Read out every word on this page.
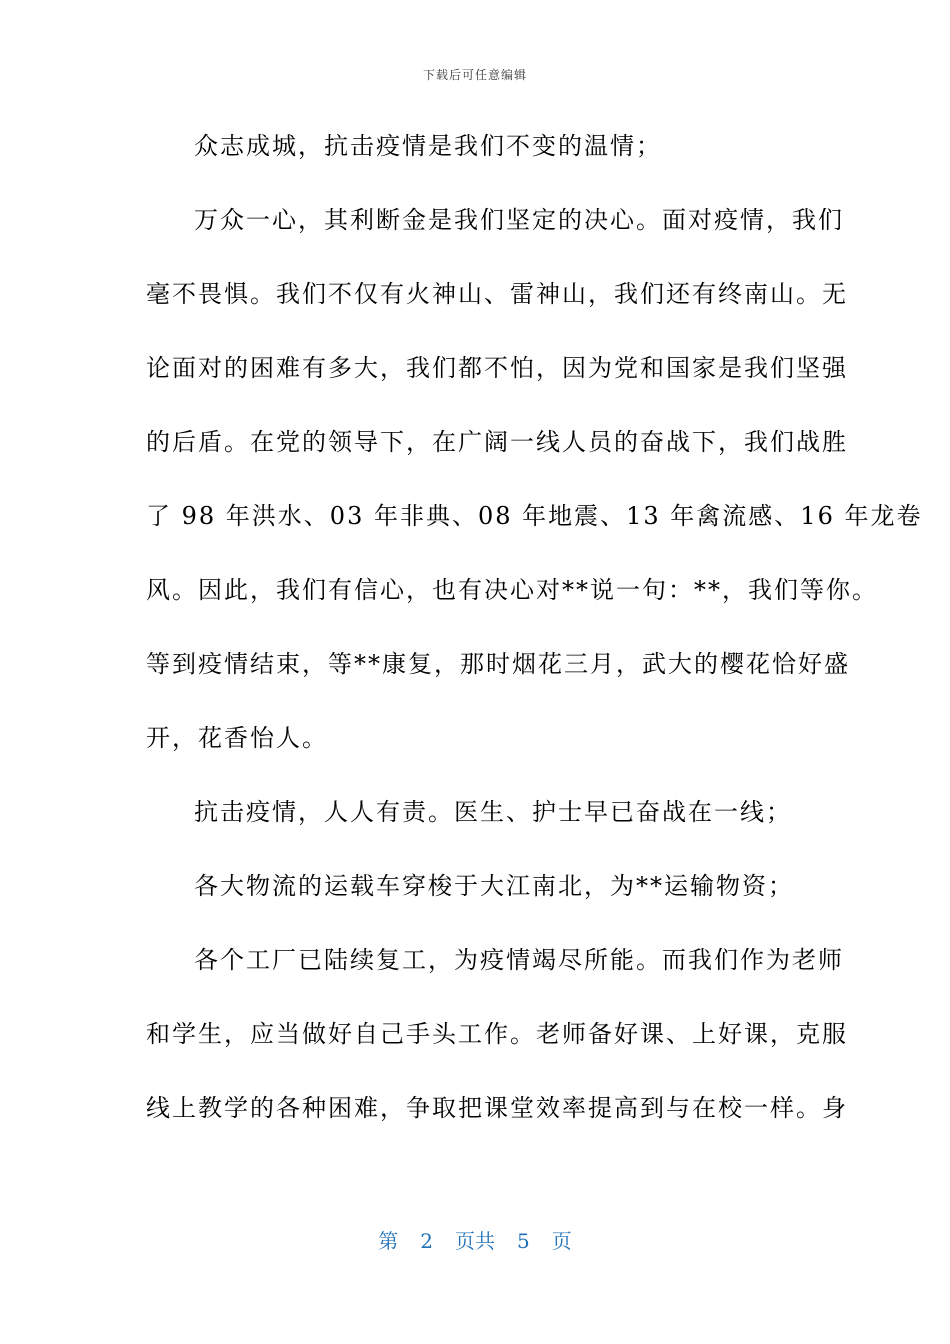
下载后可任意编辑
众志成城，抗击疫情是我们不变的温情；
万众一心，其利断金是我们坚定的决心。面对疫情，我们
毫不畏惧。我们不仅有火神山、雷神山，我们还有终南山。无
论面对的困难有多大，我们都不怕，因为党和国家是我们坚强
的后盾。在党的领导下，在广阔一线人员的奋战下，我们战胜
了 98 年洪水、03 年非典、08 年地震、13 年禽流感、16 年龙卷
风。因此，我们有信心，也有决心对**说一句：**，我们等你。
等到疫情结束，等**康复，那时烟花三月，武大的樱花恰好盛
开，花香怡人。
抗击疫情，人人有责。医生、护士早已奋战在一线；
各大物流的运载车穿梭于大江南北，为**运输物资；
各个工厂已陆续复工，为疫情竭尽所能。而我们作为老师
和学生，应当做好自己手头工作。老师备好课、上好课，克服
线上教学的各种困难，争取把课堂效率提高到与在校一样。身
第 2 页共 5 页
